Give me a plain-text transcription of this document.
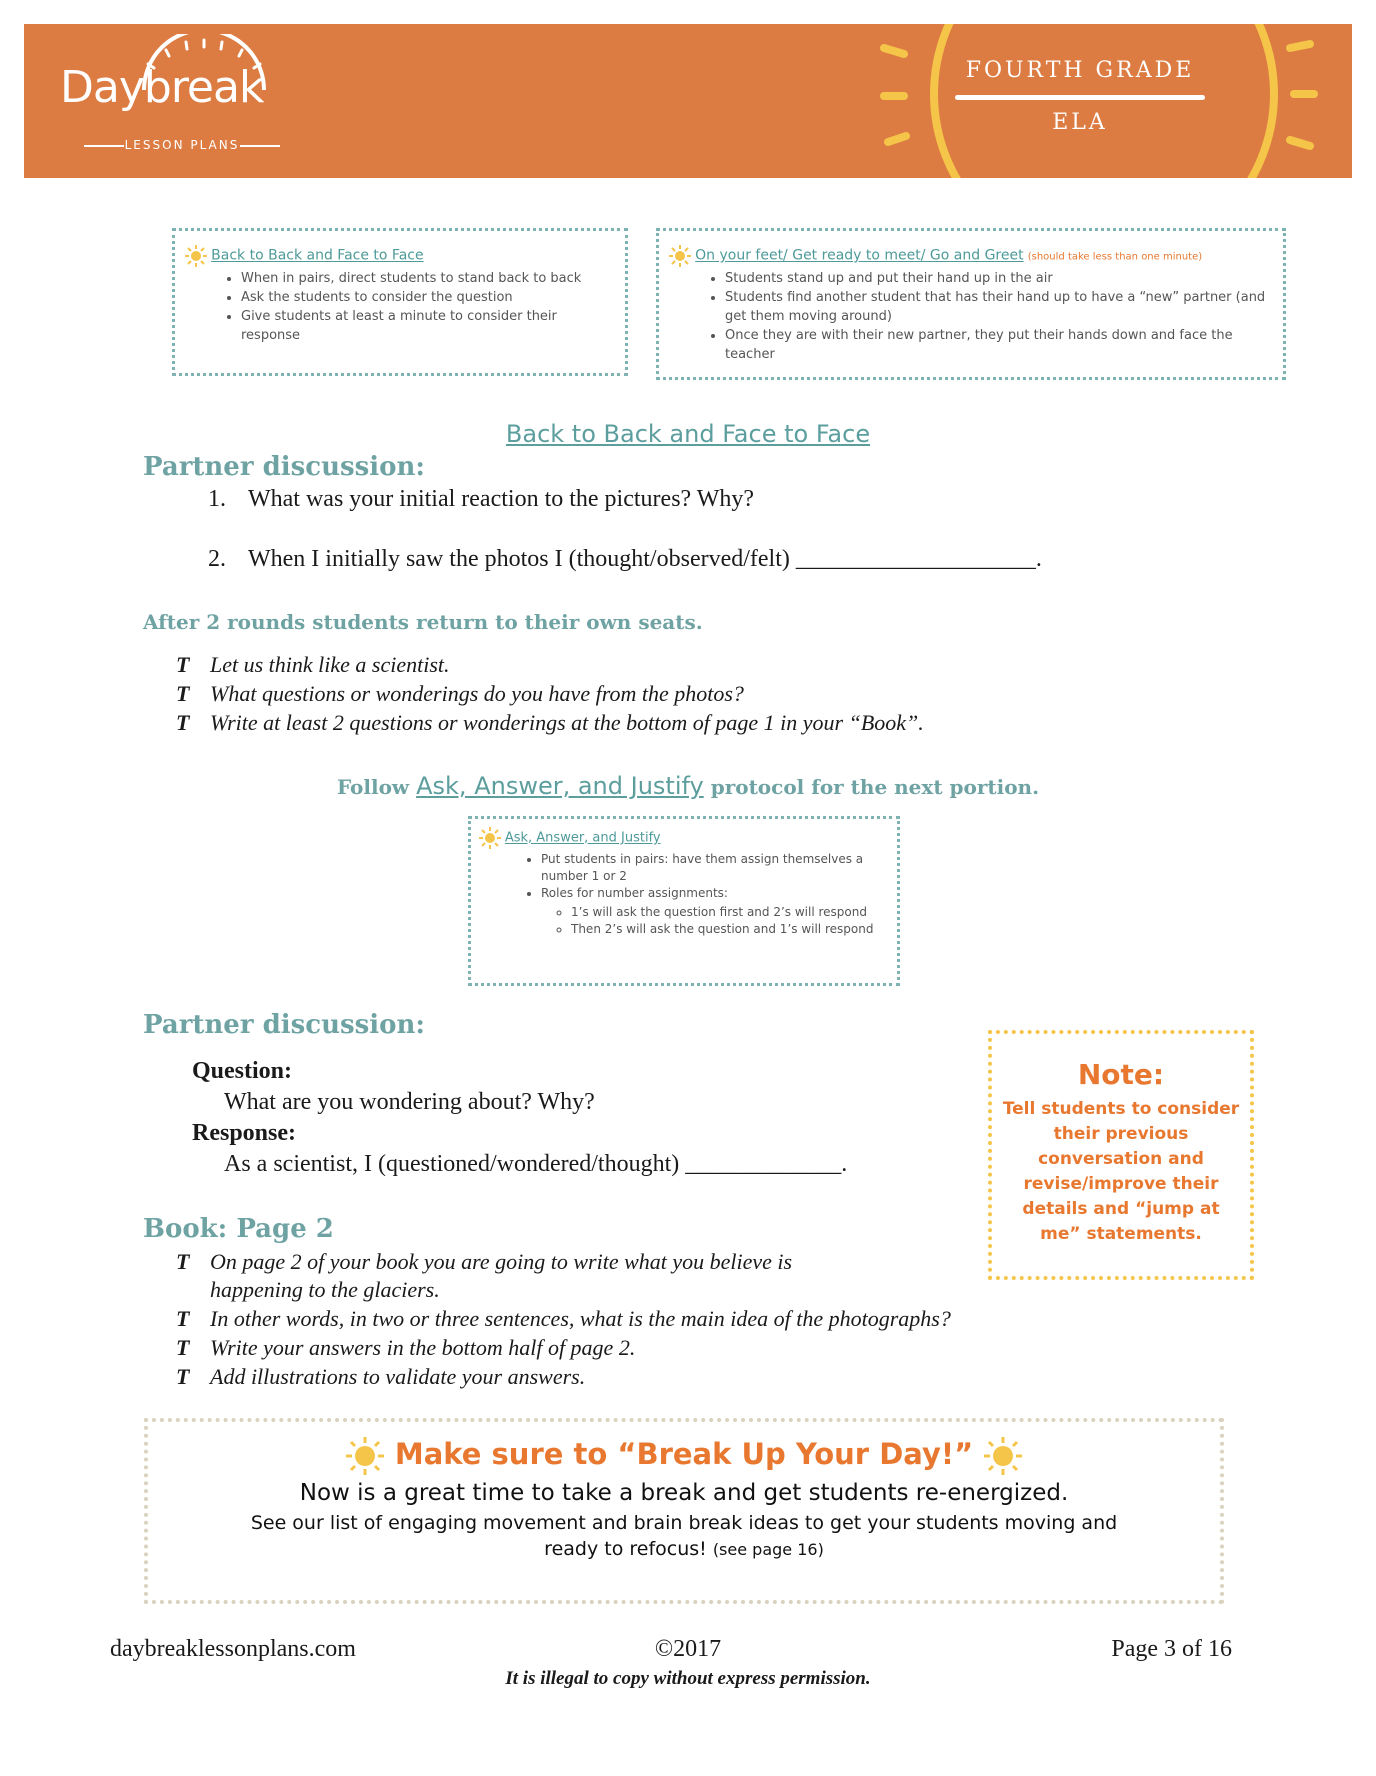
Daybreak
LESSON PLANS
FOURTH GRADE
ELA
Back to Back and Face to Face
• When in pairs, direct students to stand back to back
• Ask the students to consider the question
• Give students at least a minute to consider their response
On your feet/ Get ready to meet/ Go and Greet (should take less than one minute)
• Students stand up and put their hand up in the air
• Students find another student that has their hand up to have a “new” partner (and get them moving around)
• Once they are with their new partner, they put their hands down and face the teacher
Back to Back and Face to Face
Partner discussion:
1. What was your initial reaction to the pictures? Why?
2. When I initially saw the photos I (thought/observed/felt) ____________________.
After 2 rounds students return to their own seats.
T Let us think like a scientist.
T What questions or wonderings do you have from the photos?
T Write at least 2 questions or wonderings at the bottom of page 1 in your “Book”.
Follow Ask, Answer, and Justify protocol for the next portion.
Ask, Answer, and Justify
• Put students in pairs: have them assign themselves a number 1 or 2
• Roles for number assignments:
◦ 1’s will ask the question first and 2’s will respond
◦ Then 2’s will ask the question and 1’s will respond
Partner discussion:
Question:
What are you wondering about? Why?
Response:
As a scientist, I (questioned/wondered/thought) _____________.
Note:
Tell students to consider their previous conversation and revise/improve their details and “jump at me” statements.
Book: Page 2
T On page 2 of your book you are going to write what you believe is happening to the glaciers.
T In other words, in two or three sentences, what is the main idea of the photographs?
T Write your answers in the bottom half of page 2.
T Add illustrations to validate your answers.
Make sure to “Break Up Your Day!”
Now is a great time to take a break and get students re-energized.
See our list of engaging movement and brain break ideas to get your students moving and
ready to refocus! (see page 16)
daybreaklessonplans.com	©2017	Page 3 of 16
It is illegal to copy without express permission.
